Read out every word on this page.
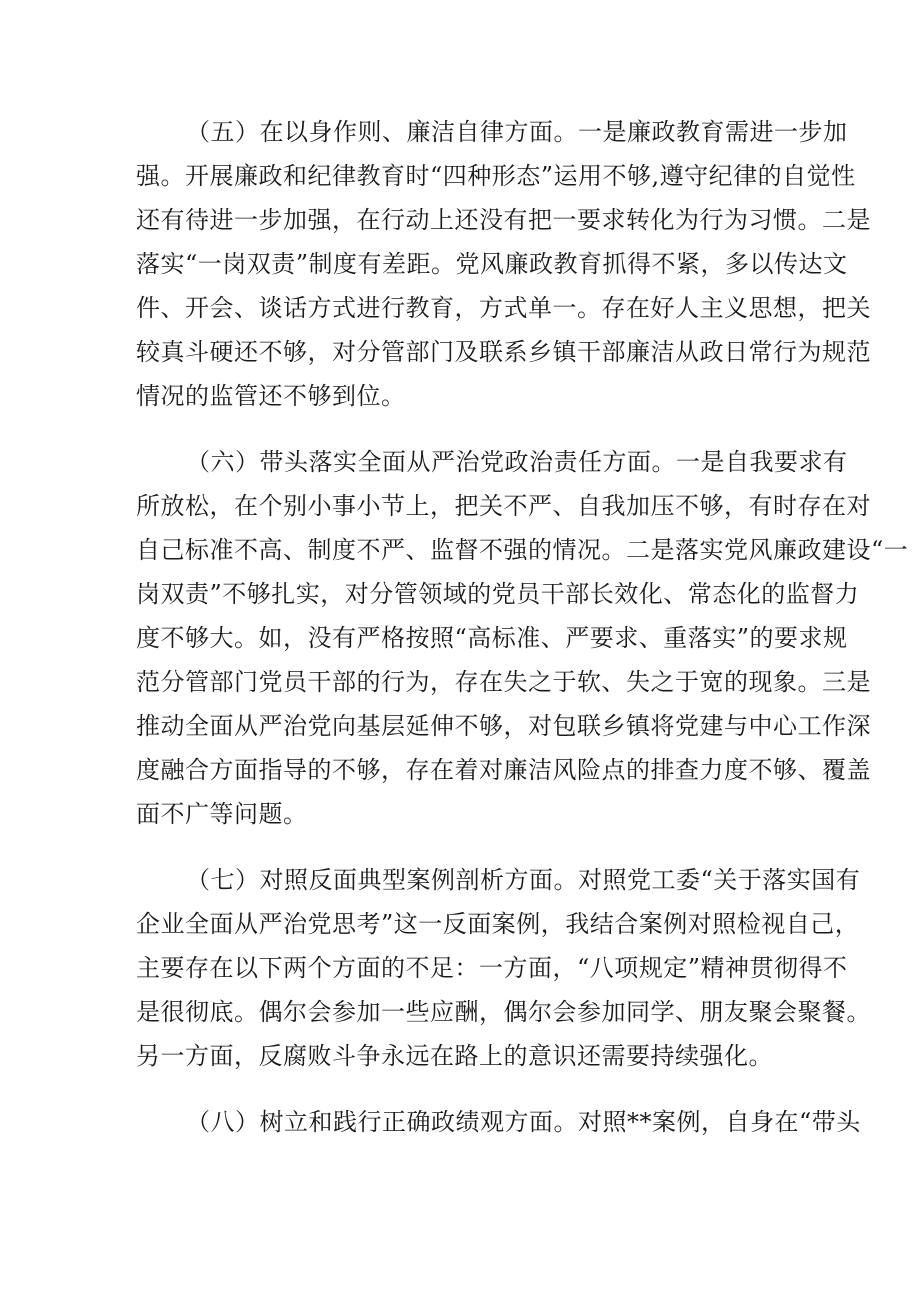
（五）在以身作则、廉洁自律方面。一是廉政教育需进一步加
强。开展廉政和纪律教育时“四种形态”运用不够,遵守纪律的自觉性
还有待进一步加强，在行动上还没有把一要求转化为行为习惯。二是
落实“一岗双责”制度有差距。党风廉政教育抓得不紧，多以传达文
件、开会、谈话方式进行教育，方式单一。存在好人主义思想，把关
较真斗硬还不够，对分管部门及联系乡镇干部廉洁从政日常行为规范
情况的监管还不够到位。
（六）带头落实全面从严治党政治责任方面。一是自我要求有
所放松，在个别小事小节上，把关不严、自我加压不够，有时存在对
自己标准不高、制度不严、监督不强的情况。二是落实党风廉政建设“一
岗双责”不够扎实，对分管领域的党员干部长效化、常态化的监督力
度不够大。如，没有严格按照“高标准、严要求、重落实”的要求规
范分管部门党员干部的行为，存在失之于软、失之于宽的现象。三是
推动全面从严治党向基层延伸不够，对包联乡镇将党建与中心工作深
度融合方面指导的不够，存在着对廉洁风险点的排查力度不够、覆盖
面不广等问题。
（七）对照反面典型案例剖析方面。对照党工委“关于落实国有
企业全面从严治党思考”这一反面案例，我结合案例对照检视自己，
主要存在以下两个方面的不足：一方面，“八项规定”精神贯彻得不
是很彻底。偶尔会参加一些应酬，偶尔会参加同学、朋友聚会聚餐。
另一方面，反腐败斗争永远在路上的意识还需要持续强化。
（八）树立和践行正确政绩观方面。对照**案例，自身在“带头
